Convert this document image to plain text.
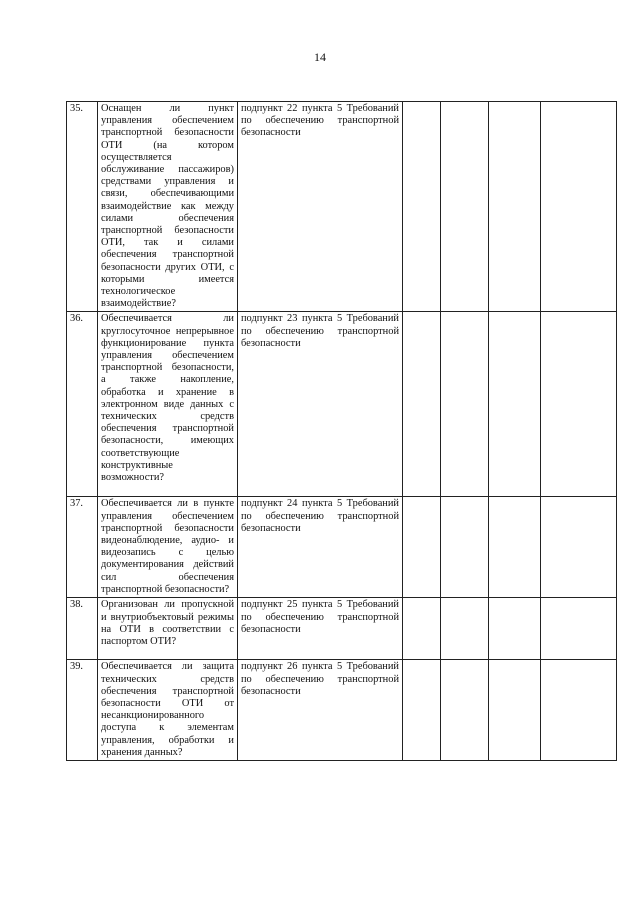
14
35.	Оснащен ли пункт управления обеспечением транспортной безопасности ОТИ (на котором осуществляется обслуживание пассажиров) средствами управления и связи, обеспечивающими взаимодействие как между силами обеспечения транспортной безопасности ОТИ, так и силами обеспечения транспортной безопасности других ОТИ, с которыми имеется технологическое взаимодействие?	подпункт 22 пункта 5 Требований по обеспечению транспортной безопасности				
36.	Обеспечивается ли круглосуточное непрерывное функционирование пункта управления обеспечением транспортной безопасности, а также накопление, обработка и хранение в электронном виде данных с технических средств обеспечения транспортной безопасности, имеющих соответствующие конструктивные возможности?	подпункт 23 пункта 5 Требований по обеспечению транспортной безопасности				
37.	Обеспечивается ли в пункте управления обеспечением транспортной безопасности видеонаблюдение, аудио- и видеозапись с целью документирования действий сил обеспечения транспортной безопасности?	подпункт 24 пункта 5 Требований по обеспечению транспортной безопасности				
38.	Организован ли пропускной и внутриобъектовый режимы на ОТИ в соответствии с паспортом ОТИ?	подпункт 25 пункта 5 Требований по обеспечению транспортной безопасности				
39.	Обеспечивается ли защита технических средств обеспечения транспортной безопасности ОТИ от несанкционированного доступа к элементам управления, обработки и хранения данных?	подпункт 26 пункта 5 Требований по обеспечению транспортной безопасности				
